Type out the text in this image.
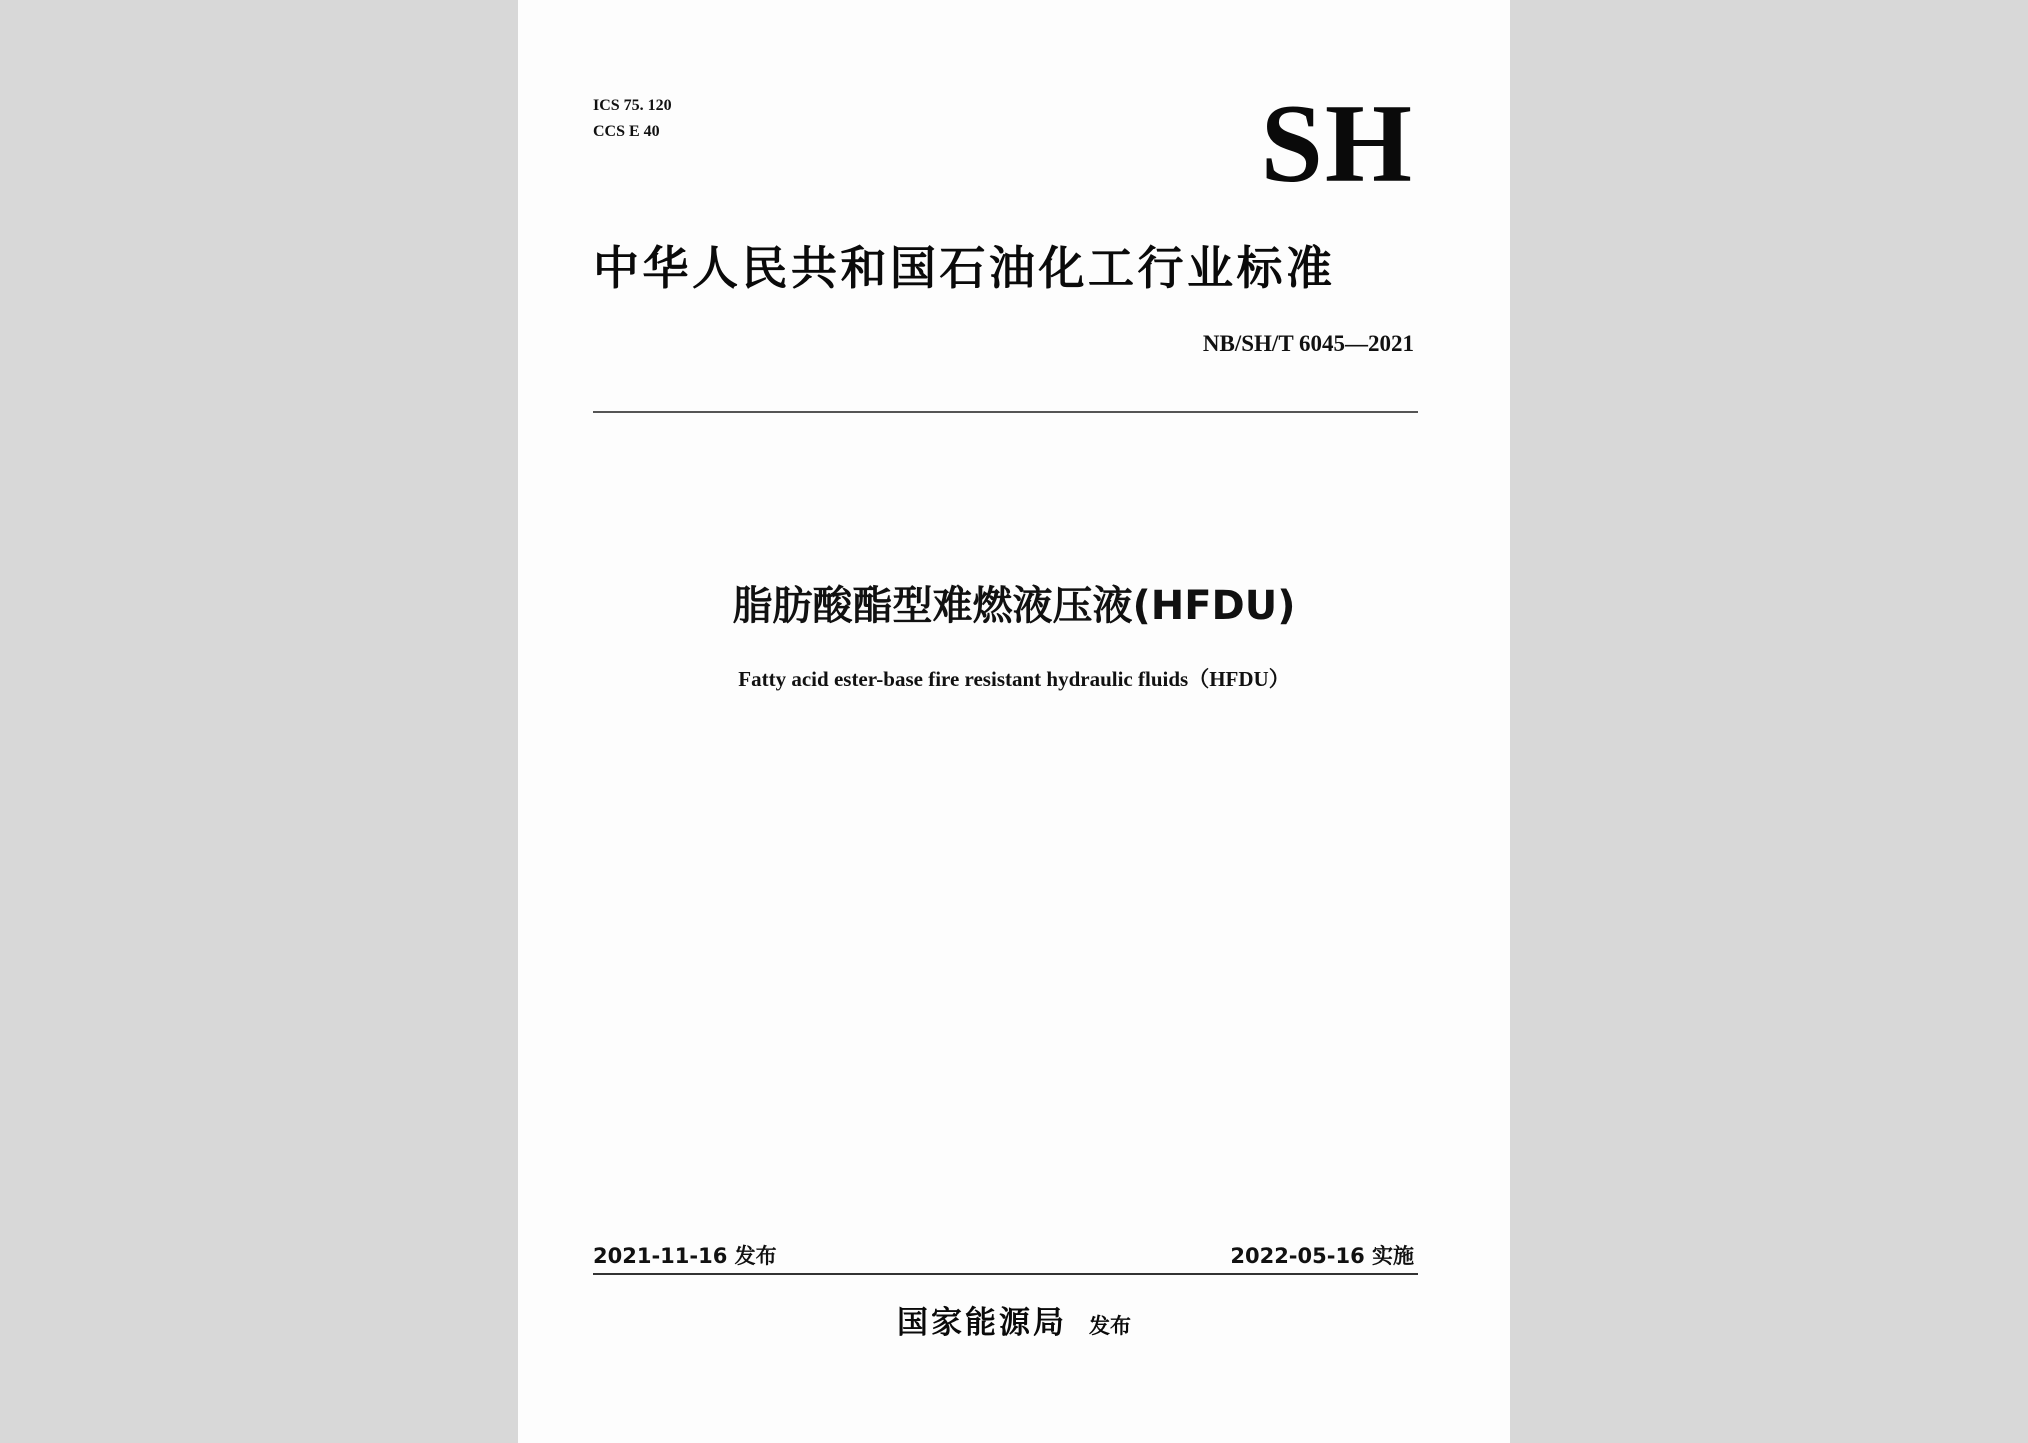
ICS 75. 120
CCS E 40	SH
中华人民共和国石油化工行业标准
NB/SH/T 6045—2021
脂肪酸酯型难燃液压液(HFDU)
Fatty acid ester-base fire resistant hydraulic fluids（HFDU）
2021-11-16 发布	2022-05-16 实施
国家能源局 发布
